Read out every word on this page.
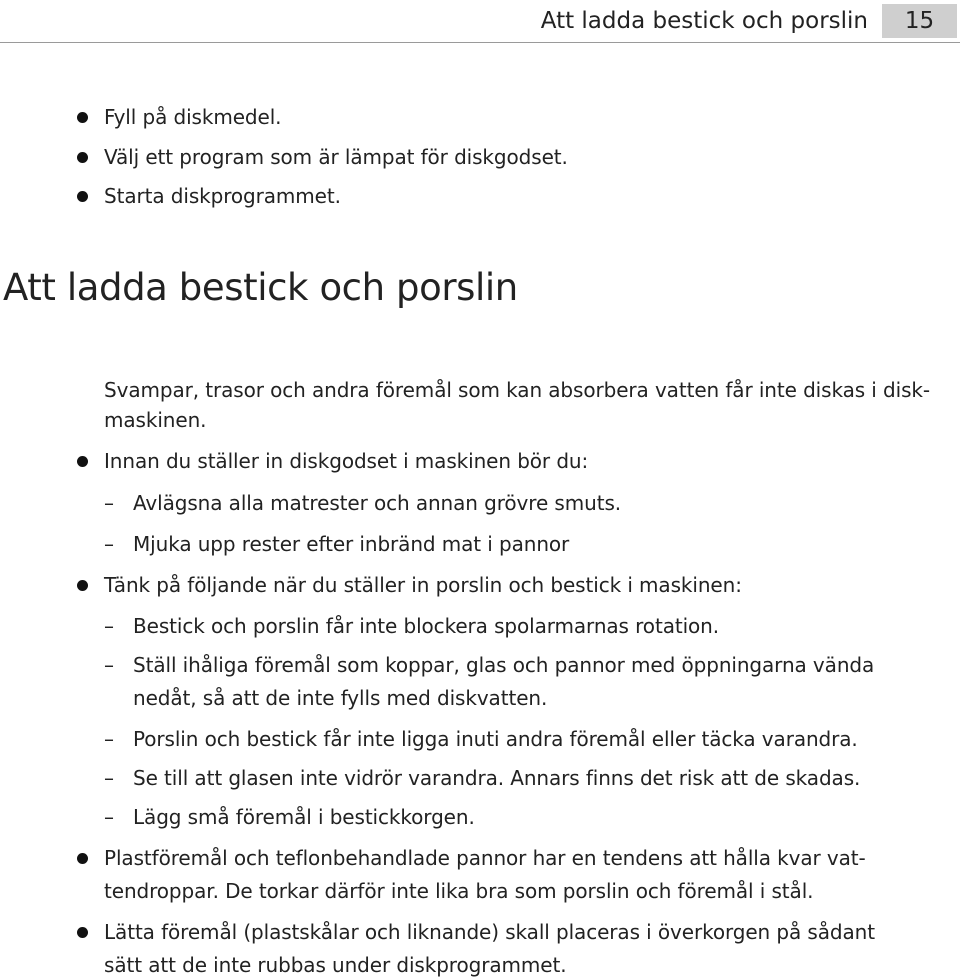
Att ladda bestick och porslin	15
Fyll på diskmedel.
Välj ett program som är lämpat för diskgodset.
Starta diskprogrammet.
Att ladda bestick och porslin
Svampar, trasor och andra föremål som kan absorbera vatten får inte diskas i disk-
maskinen.
Innan du ställer in diskgodset i maskinen bör du:
– Avlägsna alla matrester och annan grövre smuts.
– Mjuka upp rester efter inbränd mat i pannor
Tänk på följande när du ställer in porslin och bestick i maskinen:
– Bestick och porslin får inte blockera spolarmarnas rotation.
– Ställ ihåliga föremål som koppar, glas och pannor med öppningarna vända
nedåt, så att de inte fylls med diskvatten.
– Porslin och bestick får inte ligga inuti andra föremål eller täcka varandra.
– Se till att glasen inte vidrör varandra. Annars finns det risk att de skadas.
– Lägg små föremål i bestickkorgen.
Plastföremål och teflonbehandlade pannor har en tendens att hålla kvar vat-
tendroppar. De torkar därför inte lika bra som porslin och föremål i stål.
Lätta föremål (plastskålar och liknande) skall placeras i överkorgen på sådant
sätt att de inte rubbas under diskprogrammet.
